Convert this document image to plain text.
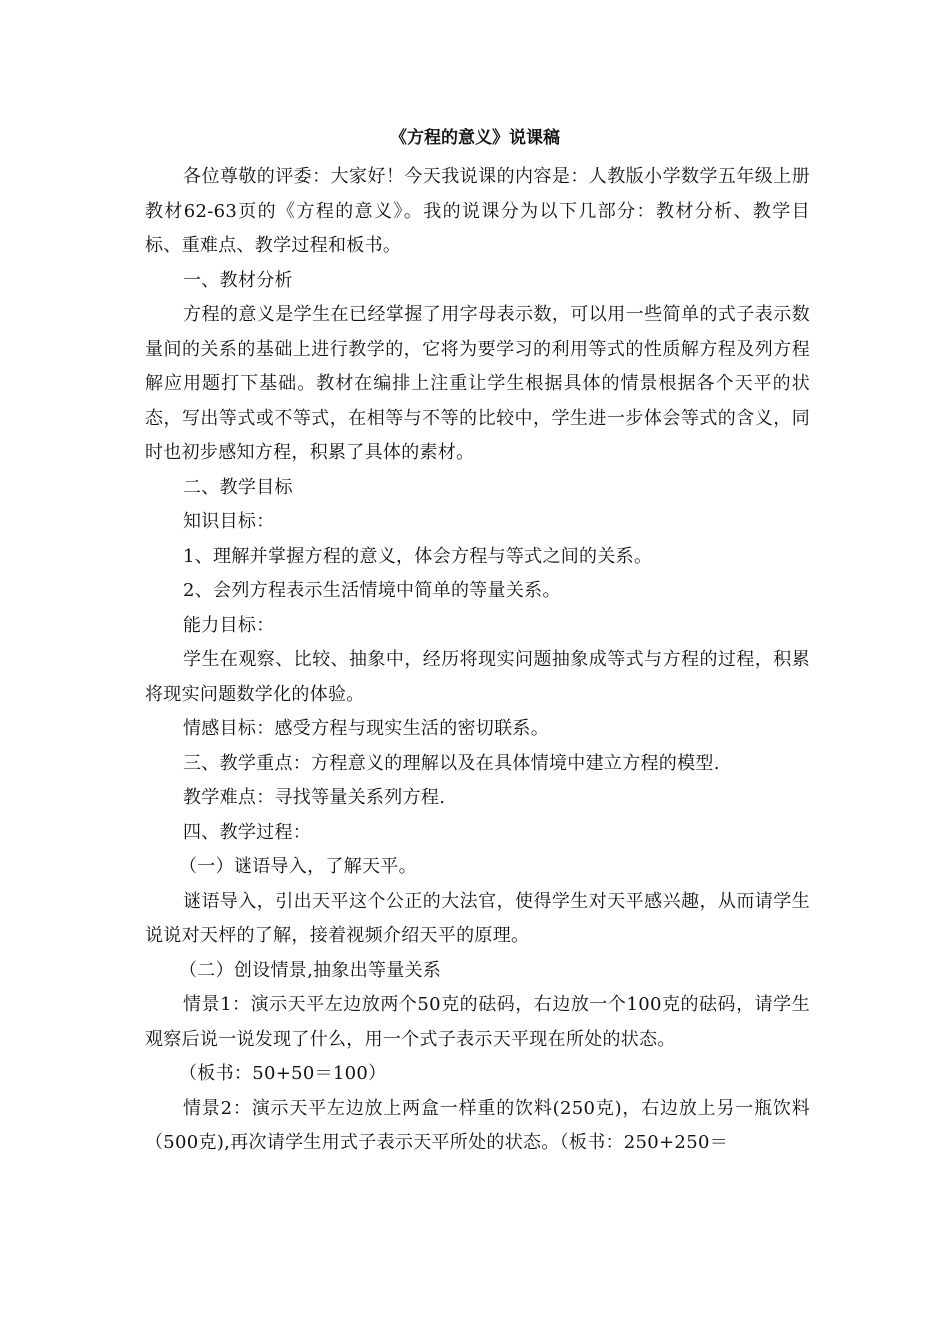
《方程的意义》说课稿

各位尊敬的评委：大家好！今天我说课的内容是：人教版小学数学五年级上册教材62-63页的《方程的意义》。我的说课分为以下几部分：教材分析、教学目标、重难点、教学过程和板书。

一、教材分析

方程的意义是学生在已经掌握了用字母表示数，可以用一些简单的式子表示数量间的关系的基础上进行教学的，它将为要学习的利用等式的性质解方程及列方程解应用题打下基础。教材在编排上注重让学生根据具体的情景根据各个天平的状态，写出等式或不等式，在相等与不等的比较中，学生进一步体会等式的含义，同时也初步感知方程，积累了具体的素材。

二、教学目标

知识目标：

1、理解并掌握方程的意义，体会方程与等式之间的关系。

2、会列方程表示生活情境中简单的等量关系。

能力目标：

学生在观察、比较、抽象中，经历将现实问题抽象成等式与方程的过程，积累将现实问题数学化的体验。

情感目标：感受方程与现实生活的密切联系。

三、教学重点：方程意义的理解以及在具体情境中建立方程的模型.

教学难点：寻找等量关系列方程.

四、教学过程：

（一）谜语导入，了解天平。

谜语导入，引出天平这个公正的大法官，使得学生对天平感兴趣，从而请学生说说对天枰的了解，接着视频介绍天平的原理。

（二）创设情景,抽象出等量关系

情景1：演示天平左边放两个50克的砝码，右边放一个100克的砝码，请学生观察后说一说发现了什么，用一个式子表示天平现在所处的状态。

（板书：50+50＝100）

情景2：演示天平左边放上两盒一样重的饮料(250克)，右边放上另一瓶饮料（500克),再次请学生用式子表示天平所处的状态。（板书：250+250＝
